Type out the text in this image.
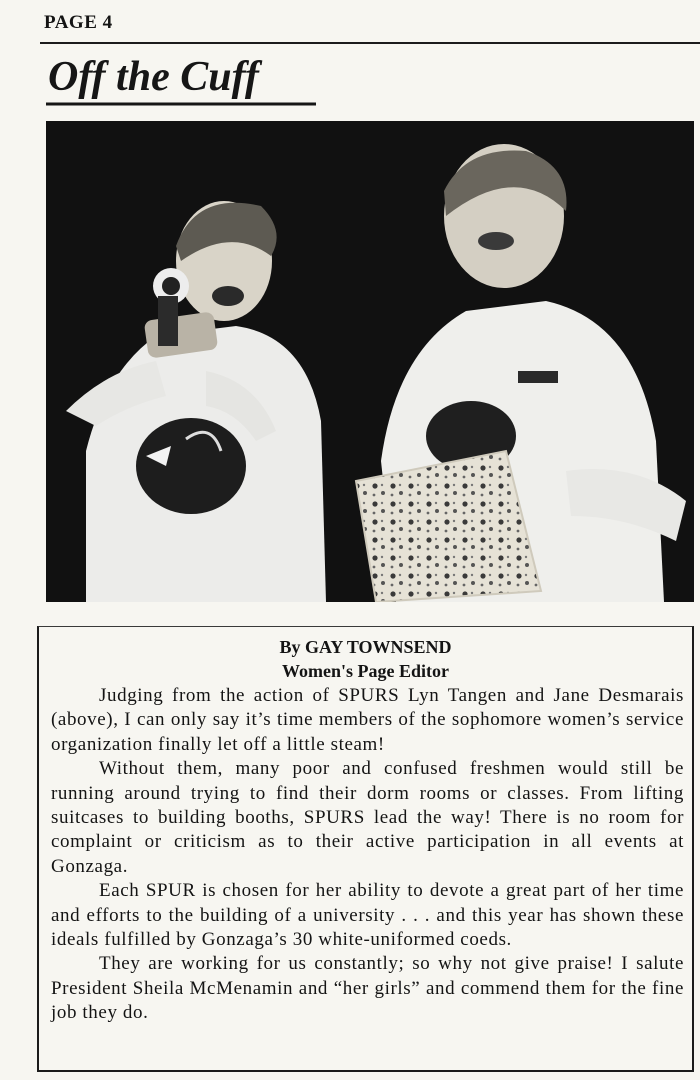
PAGE 4
Off the Cuff
By GAY TOWNSEND
Women's Page Editor

Judging from the action of SPURS Lyn Tangen and Jane Desmarais (above), I can only say it’s time members of the sophomore women’s service organization finally let off a little steam!

Without them, many poor and confused freshmen would still be running around trying to find their dorm rooms or classes. From lifting suitcases to building booths, SPURS lead the way! There is no room for complaint or criticism as to their active participation in all events at Gonzaga.

Each SPUR is chosen for her ability to devote a great part of her time and efforts to the building of a university . . . and this year has shown these ideals fulfilled by Gonzaga’s 30 white-uniformed coeds.

They are working for us constantly; so why not give praise! I salute President Sheila McMenamin and “her girls” and commend them for the fine job they do.
